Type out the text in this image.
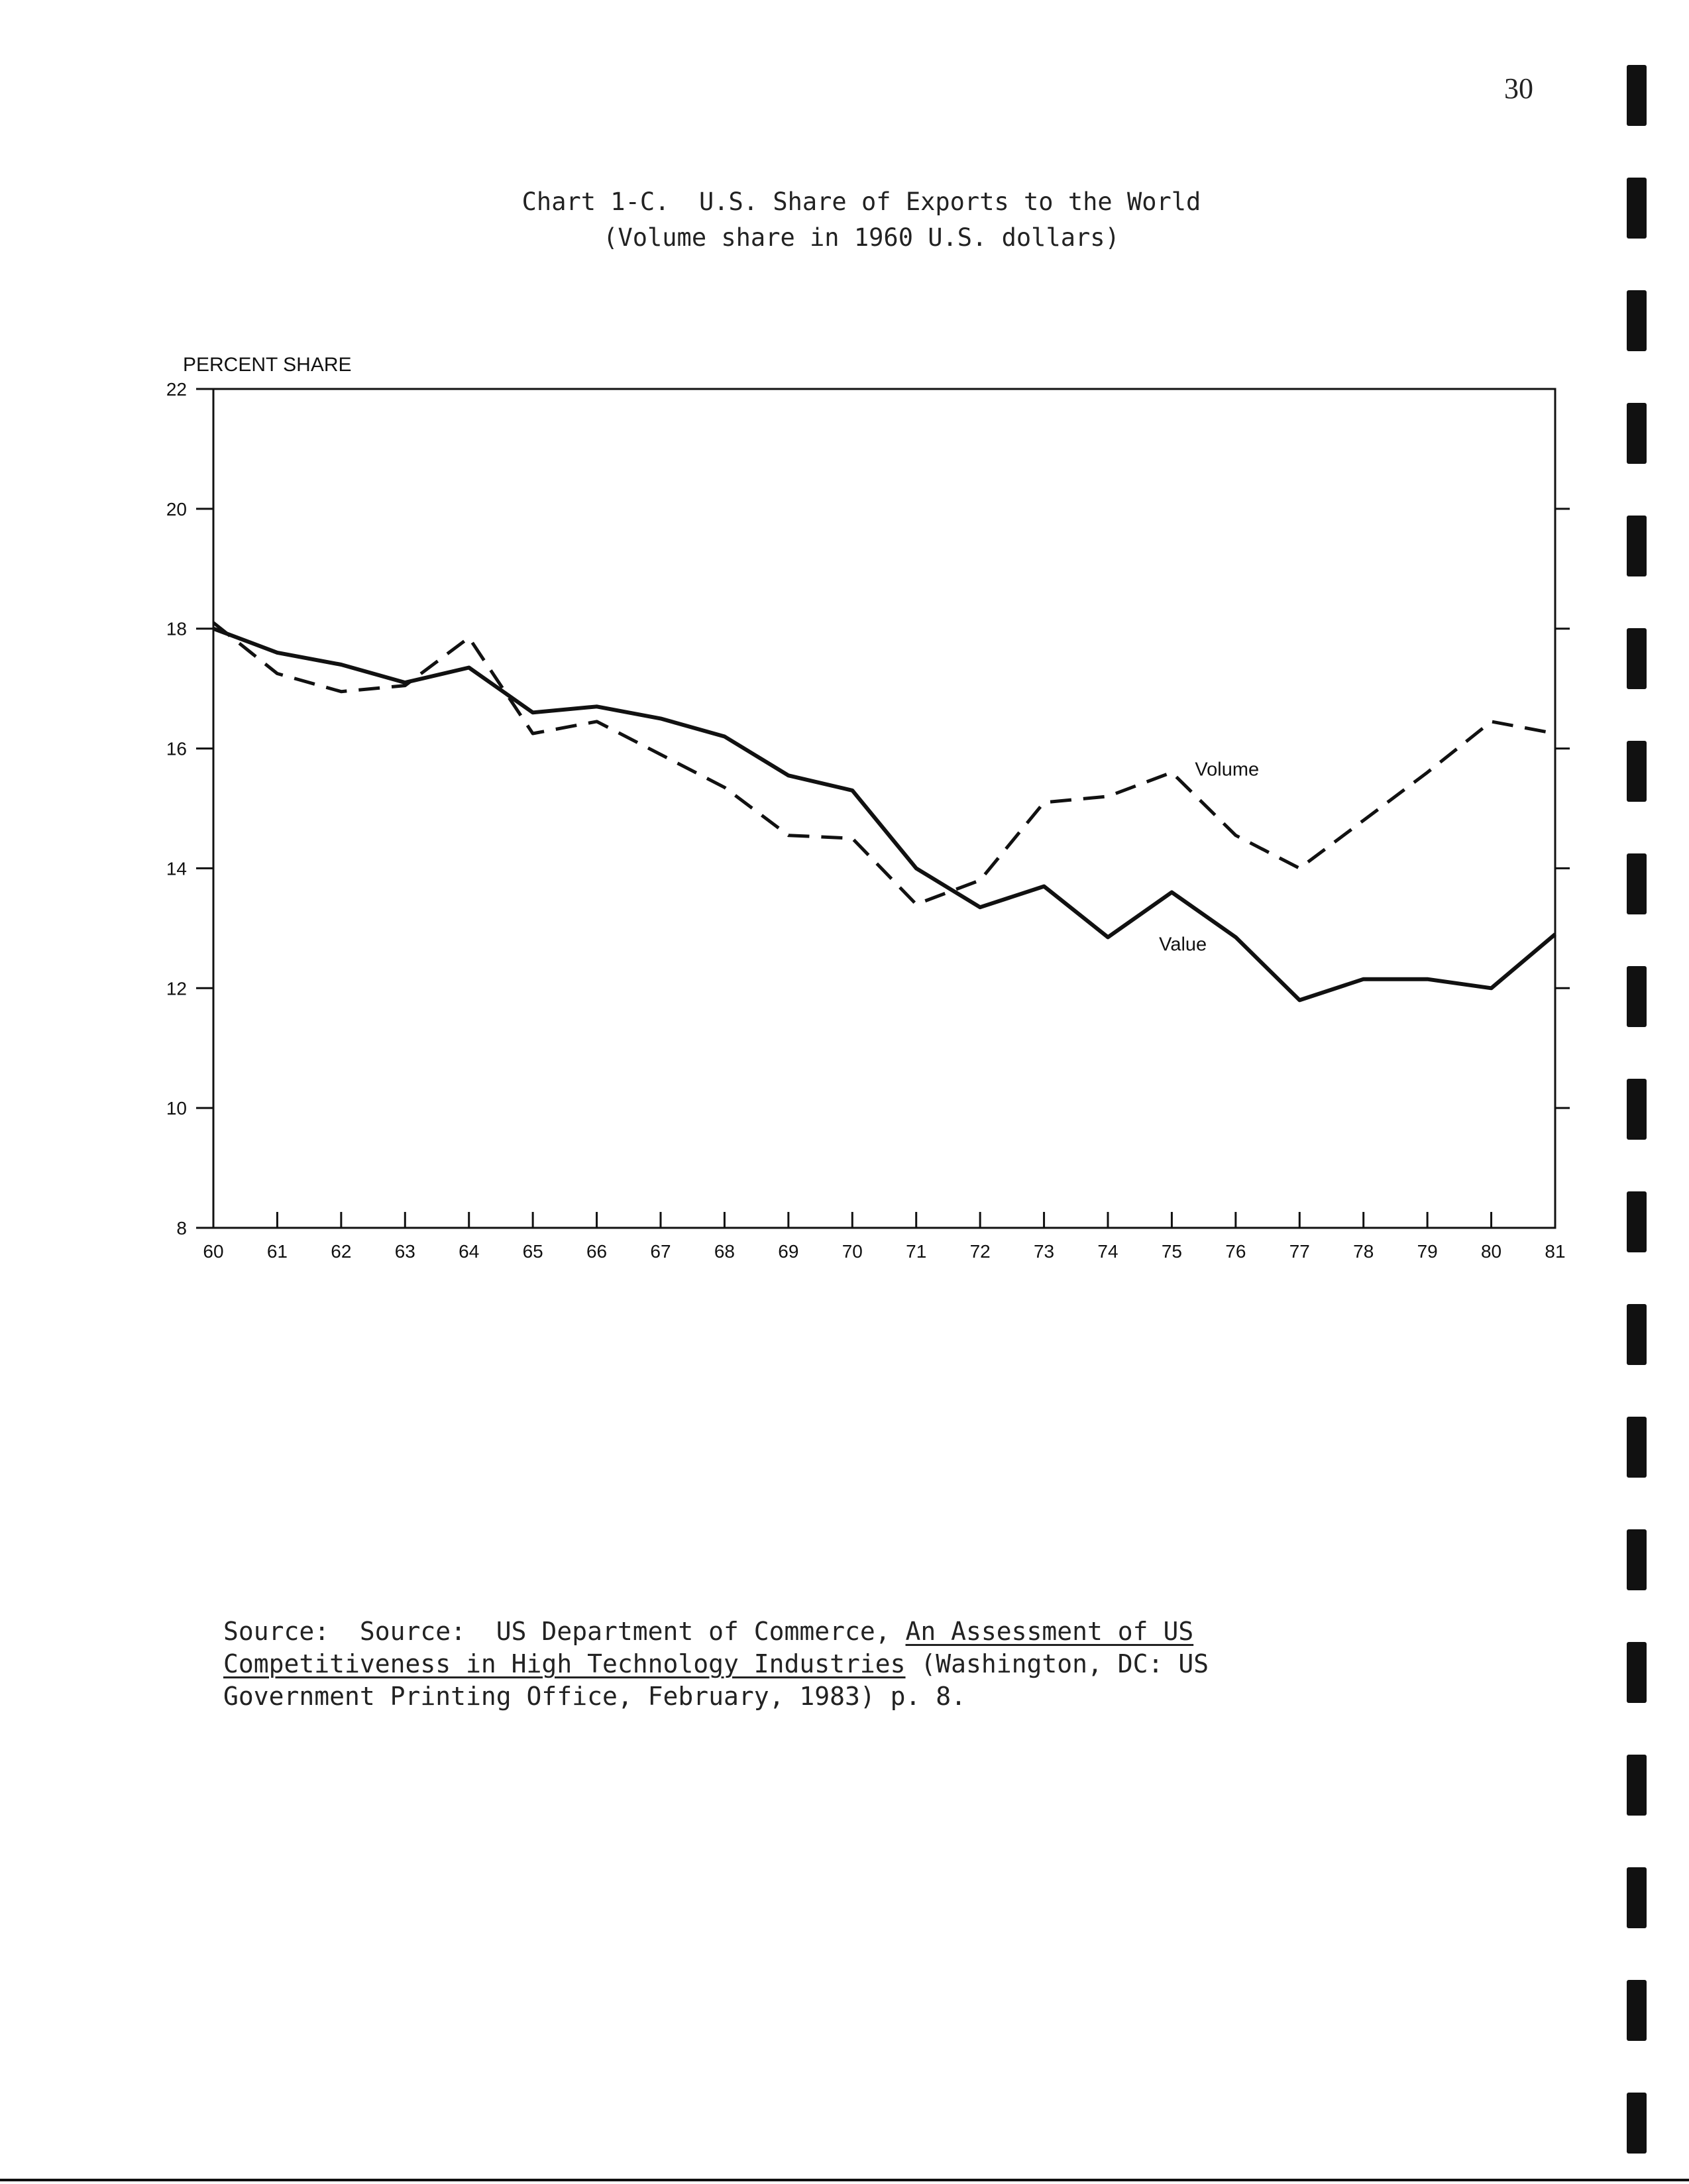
30
Chart 1-C.  U.S. Share of Exports to the World
(Volume share in 1960 U.S. dollars)
PERCENT SHARE
8
10
12
14
16
18
20
22
60 61 62 63 64 65 66 67 68 69 70 71 72 73 74 75 76 77 78 79 80 81
Volume
Value
Source:  Source:  US Department of Commerce, An Assessment of US
Competitiveness in High Technology Industries (Washington, DC: US
Government Printing Office, February, 1983) p. 8.
